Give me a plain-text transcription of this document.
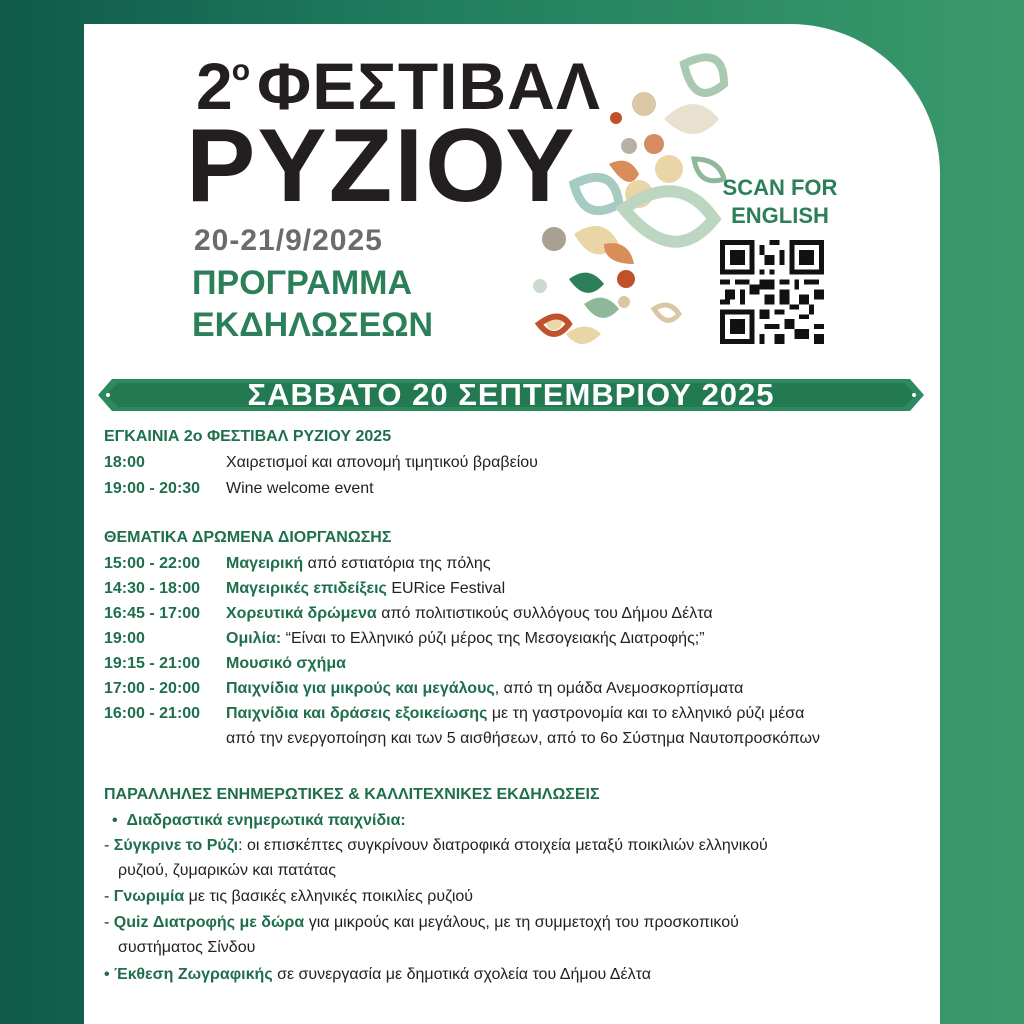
$2^o\Phi E\Sigma TIBA\Lambda$
ΡΥΖΙΟΥ
20-21/9/2025
ΠΡΟΓΡΑΜΜΑ
ΕΚΔΗΛΩΣΕΩΝ
SCAN FOR
ENGLISH
ΣΑΒΒΑΤΟ 20 ΣΕΠΤΕΜΒΡΙΟΥ 2025
ΕΓΚΑΙΝΙΑ 2ο ΦΕΣΤΙΒΑΛ ΡΥΖΙΟΥ 2025
18:00	Χαιρετισμοί και απονομή τιμητικού βραβείου
19:00 - 20:30 Wine welcome event
ΘΕΜΑΤΙΚΑ ΔΡΩΜΕΝΑ ΔΙΟΡΓΑΝΩΣΗΣ
15:00 - 22:00 Μαγειρική από εστιατόρια της πόλης
14:30 - 18:00 Μαγειρικές επιδείξεις EURice Festival
16:45 - 17:00 Χορευτικά δρώμενα από πολιτιστικούς συλλόγους του Δήμου Δέλτα
19:00	Ομιλία: “Είναι το Ελληνικό ρύζι μέρος της Μεσογειακής Διατροφής;”
19:15 - 21:00 Μουσικό σχήμα
17:00 - 20:00 Παιχνίδια για μικρούς και μεγάλους, από τη ομάδα Ανεμοσκορπίσματα
16:00 - 21:00 Παιχνίδια και δράσεις εξοικείωσης με τη γαστρονομία και το ελληνικό ρύζι μέσα
από την ενεργοποίηση και των 5 αισθήσεων, από το 6ο Σύστημα Ναυτοπροσκόπων
ΠΑΡΑΛΛΗΛΕΣ ΕΝΗΜΕΡΩΤΙΚΕΣ & ΚΑΛΛΙΤΕΧΝΙΚΕΣ ΕΚΔΗΛΩΣΕΙΣ
• Διαδραστικά ενημερωτικά παιχνίδια:
- Σύγκρινε το Ρύζι: οι επισκέπτες συγκρίνουν διατροφικά στοιχεία μεταξύ ποικιλιών ελληνικού
ρυζιού, ζυμαρικών και πατάτας
- Γνωριμία με τις βασικές ελληνικές ποικιλίες ρυζιού
- Quiz Διατροφής με δώρα για μικρούς και μεγάλους, με τη συμμετοχή του προσκοπικού
συστήματος Σίνδου
• Έκθεση Ζωγραφικής σε συνεργασία με δημοτικά σχολεία του Δήμου Δέλτα
